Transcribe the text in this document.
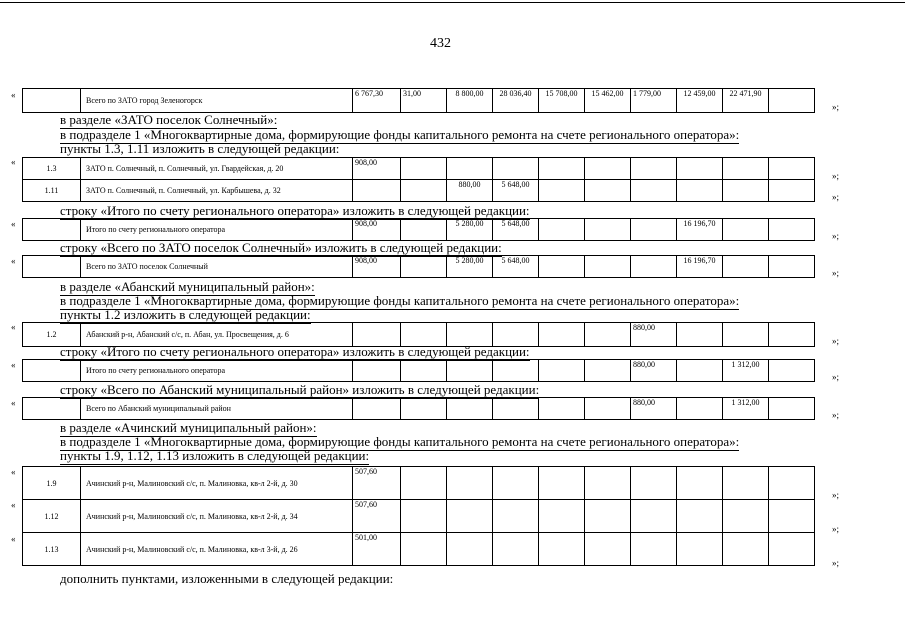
432
«
	Всего по ЗАТО город Зеленогорск	6 767,30	31,00	8 800,00	28 036,40	15 708,00	15 462,00	1 779,00	12 459,00	22 471,90	
»;
в разделе «ЗАТО поселок Солнечный»:
в подразделе 1 «Многоквартирные дома, формирующие фонды капитального ремонта на счете регионального оператора»:
пункты 1.3, 1.11 изложить в следующей редакции:
«
1.3	ЗАТО п. Солнечный, п. Солнечный, ул. Гвардейская, д. 20	908,00									
1.11	ЗАТО п. Солнечный, п. Солнечный, ул. Карбышева, д. 32			880,00	5 648,00						
»;
»;
строку «Итого по счету регионального оператора» изложить в следующей редакции:
«
	Итого по счету регионального оператора	908,00		5 280,00	5 648,00				16 196,70		
»;
строку «Всего по ЗАТО поселок Солнечный» изложить в следующей редакции:
«
	Всего по ЗАТО поселок Солнечный	908,00		5 280,00	5 648,00				16 196,70		
»;
в разделе «Абанский муниципальный район»:
в подразделе 1 «Многоквартирные дома, формирующие фонды капитального ремонта на счете регионального оператора»:
пункты 1.2 изложить в следующей редакции:
«
1.2	Абанский р-н, Абанский с/с, п. Абан, ул. Просвещения, д. 6							880,00			
»;
строку «Итого по счету регионального оператора» изложить в следующей редакции:
«
	Итого по счету регионального оператора							880,00		1 312,00	
»;
строку «Всего по Абанский муниципальный район» изложить в следующей редакции:
«
	Всего по Абанский муниципальный район							880,00		1 312,00	
»;
в разделе «Ачинский муниципальный район»:
в подразделе 1 «Многоквартирные дома, формирующие фонды капитального ремонта на счете регионального оператора»:
пункты 1.9, 1.12, 1.13 изложить в следующей редакции:
1.9	Ачинский р-н, Малиновский с/с, п. Малиновка, кв-л 2-й, д. 30	507,60									
1.12	Ачинский р-н, Малиновский с/с, п. Малиновка, кв-л 2-й, д. 34	507,60									
1.13	Ачинский р-н, Малиновский с/с, п. Малиновка, кв-л 3-й, д. 26	501,00									
«
«
«
»;
»;
»;
дополнить пунктами, изложенными в следующей редакции:
